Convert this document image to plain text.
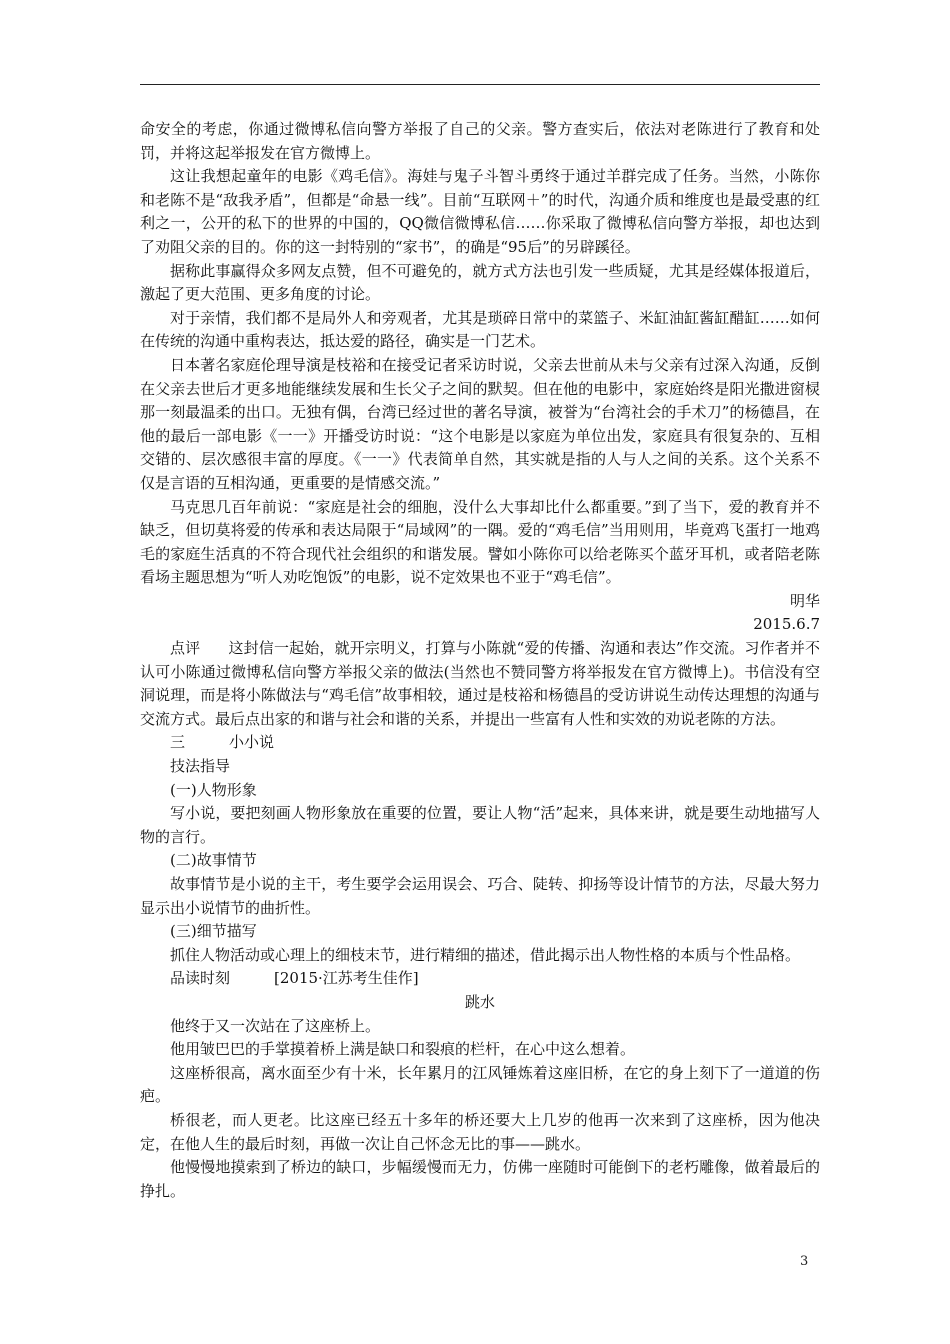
命安全的考虑，你通过微博私信向警方举报了自己的父亲。警方查实后，依法对老陈进行了教育和处罚，并将这起举报发在官方微博上。

这让我想起童年的电影《鸡毛信》。海娃与鬼子斗智斗勇终于通过羊群完成了任务。当然，小陈你和老陈不是“敌我矛盾”，但都是“命悬一线”。目前“互联网＋”的时代，沟通介质和维度也是最受惠的红利之一，公开的私下的世界的中国的，QQ微信微博私信……你采取了微博私信向警方举报，却也达到了劝阻父亲的目的。你的这一封特别的“家书”，的确是“95后”的另辟蹊径。

据称此事赢得众多网友点赞，但不可避免的，就方式方法也引发一些质疑，尤其是经媒体报道后，激起了更大范围、更多角度的讨论。

对于亲情，我们都不是局外人和旁观者，尤其是琐碎日常中的菜篮子、米缸油缸酱缸醋缸……如何在传统的沟通中重构表达，抵达爱的路径，确实是一门艺术。

日本著名家庭伦理导演是枝裕和在接受记者采访时说，父亲去世前从未与父亲有过深入沟通，反倒在父亲去世后才更多地能继续发展和生长父子之间的默契。但在他的电影中，家庭始终是阳光撒进窗棂那一刻最温柔的出口。无独有偶，台湾已经过世的著名导演，被誉为“台湾社会的手术刀”的杨德昌，在他的最后一部电影《一一》开播受访时说：“这个电影是以家庭为单位出发，家庭具有很复杂的、互相交错的、层次感很丰富的厚度。《一一》代表简单自然，其实就是指的人与人之间的关系。这个关系不仅是言语的互相沟通，更重要的是情感交流。”

马克思几百年前说：“家庭是社会的细胞，没什么大事却比什么都重要。”到了当下，爱的教育并不缺乏，但切莫将爱的传承和表达局限于“局域网”的一隅。爱的“鸡毛信”当用则用，毕竟鸡飞蛋打一地鸡毛的家庭生活真的不符合现代社会组织的和谐发展。譬如小陈你可以给老陈买个蓝牙耳机，或者陪老陈看场主题思想为“听人劝吃饱饭”的电影，说不定效果也不亚于“鸡毛信”。

明华

2015.6.7

点评 这封信一起始，就开宗明义，打算与小陈就“爱的传播、沟通和表达”作交流。习作者并不认可小陈通过微博私信向警方举报父亲的做法(当然也不赞同警方将举报发在官方微博上)。书信没有空洞说理，而是将小陈做法与“鸡毛信”故事相较，通过是枝裕和杨德昌的受访讲说生动传达理想的沟通与交流方式。最后点出家的和谐与社会和谐的关系，并提出一些富有人性和实效的劝说老陈的方法。

三	小小说

技法指导

(一)人物形象

写小说，要把刻画人物形象放在重要的位置，要让人物“活”起来，具体来讲，就是要生动地描写人物的言行。

(二)故事情节

故事情节是小说的主干，考生要学会运用误会、巧合、陡转、抑扬等设计情节的方法，尽最大努力显示出小说情节的曲折性。

(三)细节描写

抓住人物活动或心理上的细枝末节，进行精细的描述，借此揭示出人物性格的本质与个性品格。

品读时刻	[2015·江苏考生佳作]

跳水

他终于又一次站在了这座桥上。

他用皱巴巴的手掌摸着桥上满是缺口和裂痕的栏杆，在心中这么想着。

这座桥很高，离水面至少有十米，长年累月的江风锤炼着这座旧桥，在它的身上刻下了一道道的伤疤。

桥很老，而人更老。比这座已经五十多年的桥还要大上几岁的他再一次来到了这座桥，因为他决定，在他人生的最后时刻，再做一次让自己怀念无比的事——跳水。

他慢慢地摸索到了桥边的缺口，步幅缓慢而无力，仿佛一座随时可能倒下的老朽雕像，做着最后的挣扎。

3
